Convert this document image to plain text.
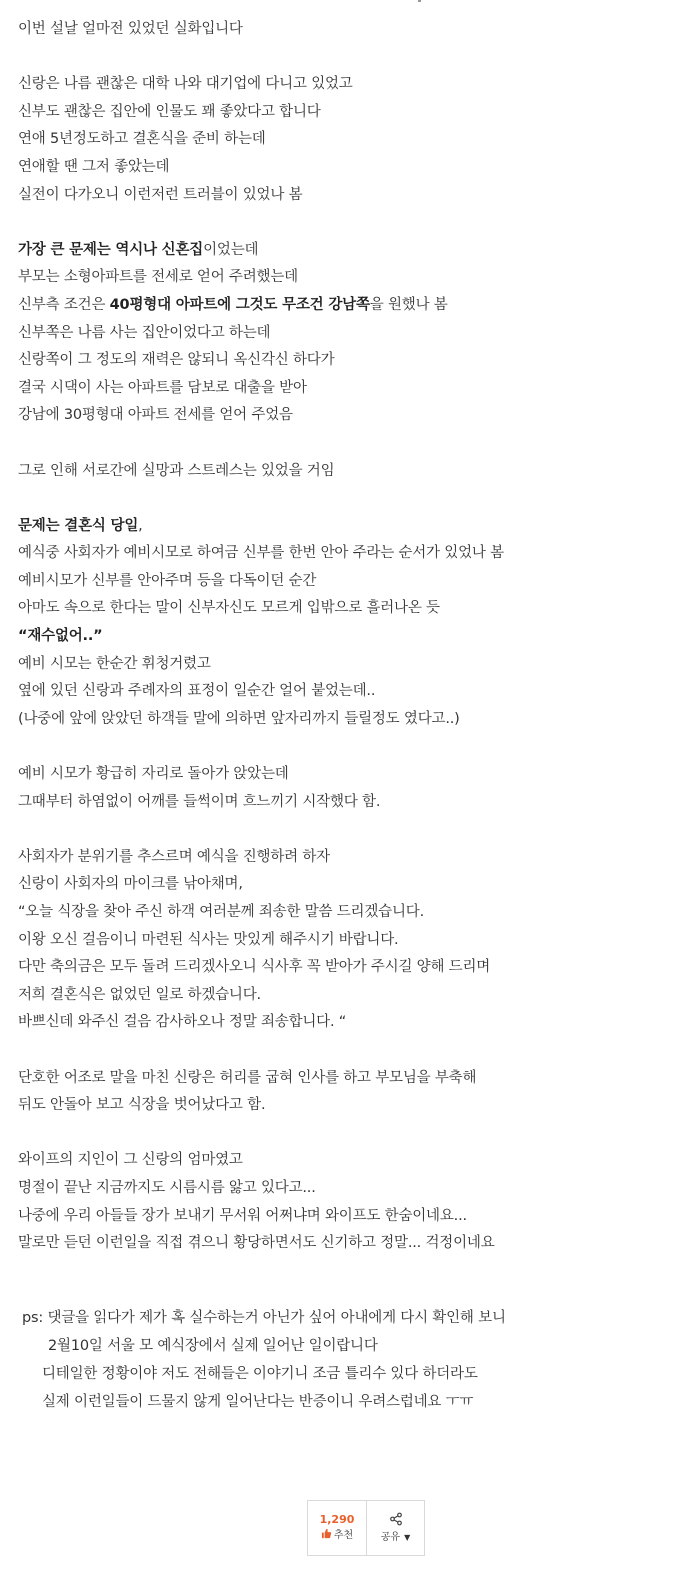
이번 설날 얼마전 있었던 실화입니다
신랑은 나름 괜찮은 대학 나와 대기업에 다니고 있었고
신부도 괜찮은 집안에 인물도 꽤 좋았다고 합니다
연애 5년정도하고 결혼식을 준비 하는데
연애할 땐 그저 좋았는데
실전이 다가오니 이런저런 트러블이 있었나 봄
가장 큰 문제는 역시나 신혼집이었는데
부모는 소형아파트를 전세로 얻어 주려했는데
신부측 조건은 40평형대 아파트에 그것도 무조건 강남쪽을 원했나 봄
신부쪽은 나름 사는 집안이었다고 하는데
신랑쪽이 그 정도의 재력은 않되니 옥신각신 하다가
결국 시댁이 사는 아파트를 담보로 대출을 받아
강남에 30평형대 아파트 전세를 얻어 주었음
그로 인해 서로간에 실망과 스트레스는 있었을 거임
문제는 결혼식 당일,
예식중 사회자가 예비시모로 하여금 신부를 한번 안아 주라는 순서가 있었나 봄
예비시모가 신부를 안아주며 등을 다독이던 순간
아마도 속으로 한다는 말이 신부자신도 모르게 입밖으로 흘러나온 듯
“재수없어..”
예비 시모는 한순간 휘청거렸고
옆에 있던 신랑과 주례자의 표정이 일순간 얼어 붙었는데..
(나중에 앞에 앉았던 하객들 말에 의하면 앞자리까지 들릴정도 였다고..)
예비 시모가 황급히 자리로 돌아가 앉았는데
그때부터 하염없이 어깨를 들썩이며 흐느끼기 시작했다 함.
사회자가 분위기를 추스르며 예식을 진행하려 하자
신랑이 사회자의 마이크를 낚아채며,
“오늘 식장을 찾아 주신 하객 여러분께 죄송한 말씀 드리겠습니다.
이왕 오신 걸음이니 마련된 식사는 맛있게 해주시기 바랍니다.
다만 축의금은 모두 돌려 드리겠사오니 식사후 꼭 받아가 주시길 양해 드리며
저희 결혼식은 없었던 일로 하겠습니다.
바쁘신데 와주신 걸음 감사하오나 정말 죄송합니다. “
단호한 어조로 말을 마친 신랑은 허리를 굽혀 인사를 하고 부모님을 부축해
뒤도 안돌아 보고 식장을 벗어났다고 함.
와이프의 지인이 그 신랑의 엄마였고
명절이 끝난 지금까지도 시름시름 앓고 있다고...
나중에 우리 아들들 장가 보내기 무서워 어쩌냐며 와이프도 한숨이네요...
말로만 듣던 이런일을 직접 겪으니 황당하면서도 신기하고 정말... 걱정이네요
ps: 댓글을 읽다가 제가 혹 실수하는거 아닌가 싶어 아내에게 다시 확인해 보니
2월10일 서울 모 예식장에서 실제 일어난 일이랍니다
디테일한 정황이야 저도 전해들은 이야기니 조금 틀리수 있다 하더라도
실제 이런일들이 드물지 않게 일어난다는 반증이니 우려스럽네요 ㅜㅠ
1,290
추천	공유 ▼
